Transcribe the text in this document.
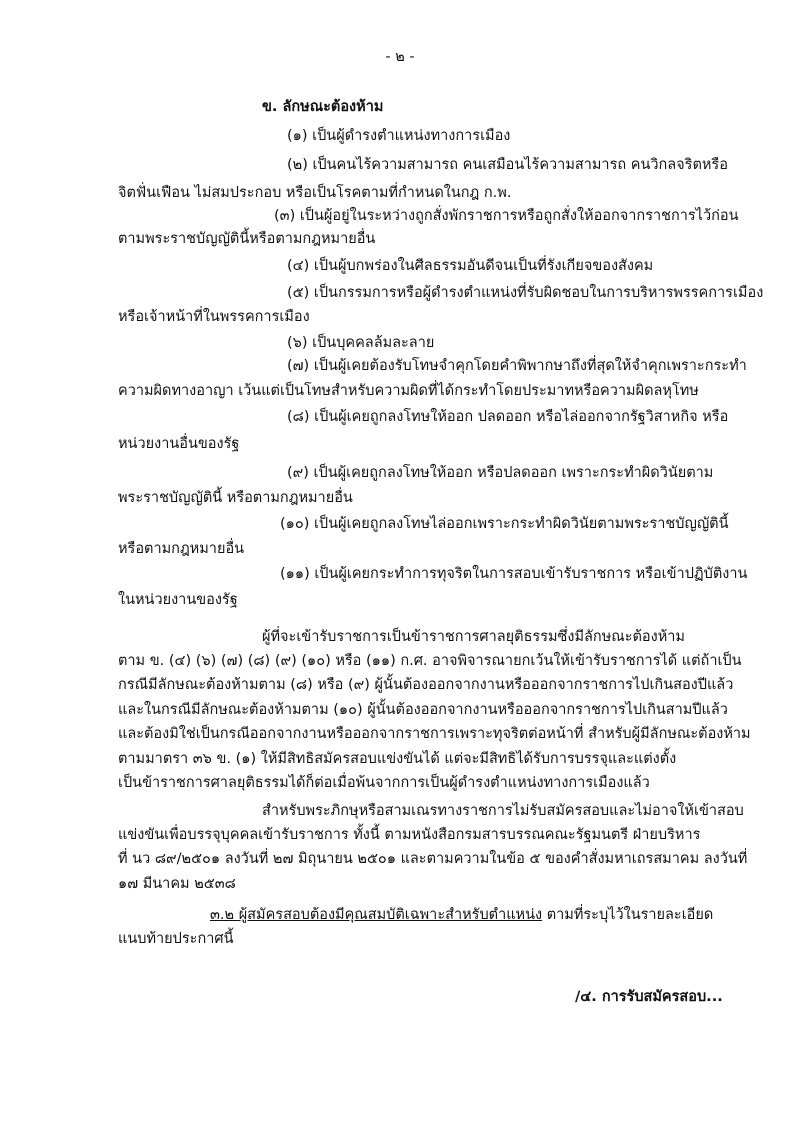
- ๒ -
ข. ลักษณะต้องห้าม
(๑) เป็นผู้ดำรงตำแหน่งทางการเมือง
(๒) เป็นคนไร้ความสามารถ คนเสมือนไร้ความสามารถ คนวิกลจริตหรือ
จิตฟั่นเฟือน ไม่สมประกอบ หรือเป็นโรคตามที่กำหนดในกฎ ก.พ.
(๓) เป็นผู้อยู่ในระหว่างถูกสั่งพักราชการหรือถูกสั่งให้ออกจากราชการไว้ก่อน
ตามพระราชบัญญัตินี้หรือตามกฎหมายอื่น
(๔) เป็นผู้บกพร่องในศีลธรรมอันดีจนเป็นที่รังเกียจของสังคม
(๕) เป็นกรรมการหรือผู้ดำรงตำแหน่งที่รับผิดชอบในการบริหารพรรคการเมือง
หรือเจ้าหน้าที่ในพรรคการเมือง
(๖) เป็นบุคคลล้มละลาย
(๗) เป็นผู้เคยต้องรับโทษจำคุกโดยคำพิพากษาถึงที่สุดให้จำคุกเพราะกระทำ
ความผิดทางอาญา เว้นแต่เป็นโทษสำหรับความผิดที่ได้กระทำโดยประมาทหรือความผิดลหุโทษ
(๘) เป็นผู้เคยถูกลงโทษให้ออก ปลดออก หรือไล่ออกจากรัฐวิสาหกิจ หรือ
หน่วยงานอื่นของรัฐ
(๙) เป็นผู้เคยถูกลงโทษให้ออก หรือปลดออก เพราะกระทำผิดวินัยตาม
พระราชบัญญัตินี้ หรือตามกฎหมายอื่น
(๑๐) เป็นผู้เคยถูกลงโทษไล่ออกเพราะกระทำผิดวินัยตามพระราชบัญญัตินี้
หรือตามกฎหมายอื่น
(๑๑) เป็นผู้เคยกระทำการทุจริตในการสอบเข้ารับราชการ หรือเข้าปฏิบัติงาน
ในหน่วยงานของรัฐ
ผู้ที่จะเข้ารับราชการเป็นข้าราชการศาลยุติธรรมซึ่งมีลักษณะต้องห้าม
ตาม ข. (๔) (๖) (๗) (๘) (๙) (๑๐) หรือ (๑๑) ก.ศ. อาจพิจารณายกเว้นให้เข้ารับราชการได้ แต่ถ้าเป็น
กรณีมีลักษณะต้องห้ามตาม (๘) หรือ (๙) ผู้นั้นต้องออกจากงานหรือออกจากราชการไปเกินสองปีแล้ว
และในกรณีมีลักษณะต้องห้ามตาม (๑๐) ผู้นั้นต้องออกจากงานหรือออกจากราชการไปเกินสามปีแล้ว
และต้องมิใช่เป็นกรณีออกจากงานหรือออกจากราชการเพราะทุจริตต่อหน้าที่ สำหรับผู้มีลักษณะต้องห้าม
ตามมาตรา ๓๖ ข. (๑) ให้มีสิทธิสมัครสอบแข่งขันได้ แต่จะมีสิทธิได้รับการบรรจุและแต่งตั้ง
เป็นข้าราชการศาลยุติธรรมได้ก็ต่อเมื่อพ้นจากการเป็นผู้ดำรงตำแหน่งทางการเมืองแล้ว
สำหรับพระภิกษุหรือสามเณรทางราชการไม่รับสมัครสอบและไม่อาจให้เข้าสอบ
แข่งขันเพื่อบรรจุบุคคลเข้ารับราชการ ทั้งนี้ ตามหนังสือกรมสารบรรณคณะรัฐมนตรี ฝ่ายบริหาร
ที่ นว ๘๙/๒๕๐๑ ลงวันที่ ๒๗ มิถุนายน ๒๕๐๑ และตามความในข้อ ๕ ของคำสั่งมหาเถรสมาคม ลงวันที่
๑๗ มีนาคม ๒๕๓๘
๓.๒ ผู้สมัครสอบต้องมีคุณสมบัติเฉพาะสำหรับตำแหน่ง ตามที่ระบุไว้ในรายละเอียด
แนบท้ายประกาศนี้
/๔. การรับสมัครสอบ...
